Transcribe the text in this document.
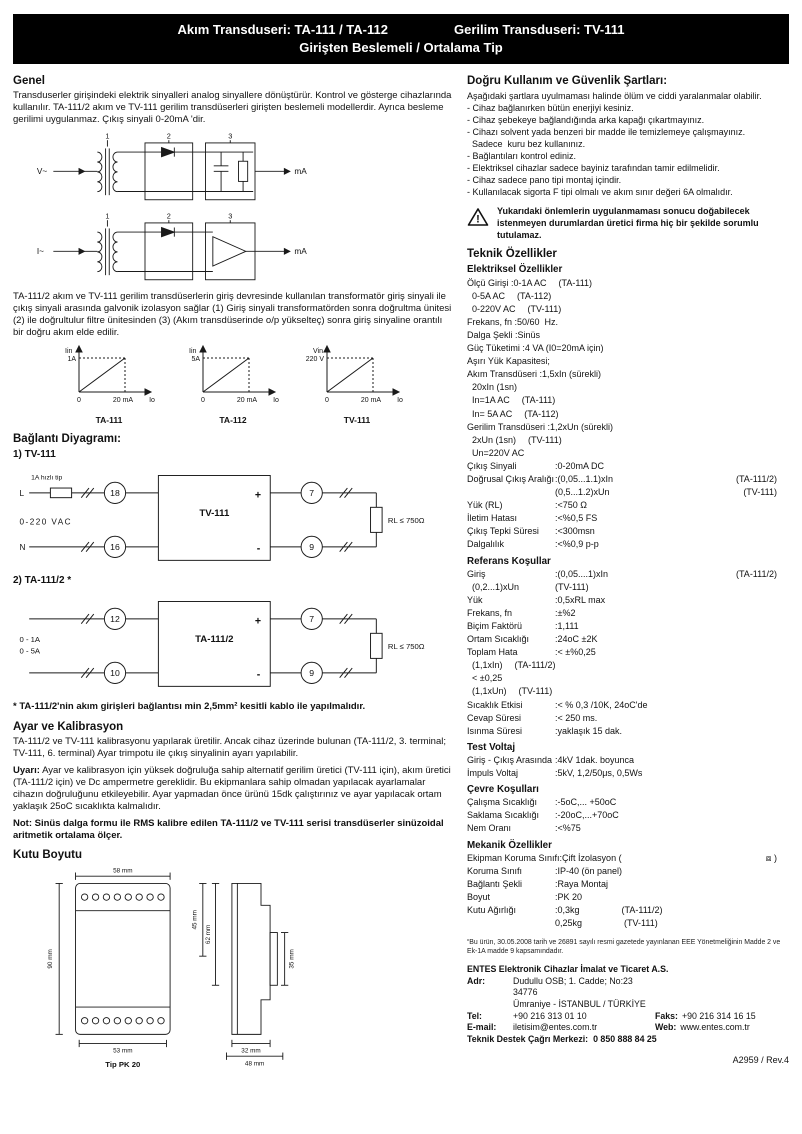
Akım Transduseri: TA-111 / TA-112	Gerilim Transduseri: TV-111
Girişten Beslemeli / Ortalama Tip
Genel

Transduserler girişindeki elektrik sinyalleri analog sinyallere dönüştürür. Kontrol ve gösterge cihazlarında kullanılır. TA-111/2 akım ve TV-111 gerilim transdüserleri girişten beslemeli modellerdir. Ayrıca besleme gerilimi uygulanmaz. Çıkış sinyali 0-20mA 'dir.

V~
1	2	3
mA
I~
1	2	3
mA

TA-111/2 akım ve TV-111 gerilim transdüserlerin giriş devresinde kullanılan transformatör giriş sinyali ile çıkış sinyali arasında galvonik izolasyon sağlar (1) Giriş sinyali transformatörden sonra doğrultma ünitesi (2) ile doğrultulur filtre ünitesinden (3) (Akım transdüserinde o/p yükselteç) sonra giriş sinyaline orantılı bir doğru akım elde edilir.

Iin
1A
0	20 mA Io
TA-111
Iin
5A
0	20 mA Io
TA-112
Vin
220 V
0	20 mA Io
TV-111
Bağlantı Diyagramı:
1) TV-111
L
1A hızlı tip
0-220 VAC
N
18
16
TV-111
+
-
7
9
RL ≤ 750Ω
2) TA-111/2 *
0 - 1A
0 - 5A
12
10
TA-111/2
+
-
7
9
RL ≤ 750Ω

* TA-111/2'nin akım girişleri bağlantısı min 2,5mm² kesitli kablo ile yapılmalıdır.

Ayar ve Kalibrasyon

TA-111/2 ve TV-111 kalibrasyonu yapılarak üretilir. Ancak cihaz üzerinde bulunan (TA-111/2, 3. terminal; TV-111, 6. terminal) Ayar trimpotu ile çıkış sinyalinin ayarı yapılabilir.

Uyarı: Ayar ve kalibrasyon için yüksek doğruluğa sahip alternatif gerilim üretici (TV-111 için), akım üretici (TA-111/2 için) ve Dc ampermetre gereklidir. Bu ekipmanlara sahip olmadan yapılacak ayarlamalar cihazın doğruluğunu etkileyebilir. Ayar yapmadan önce ürünü 15dk çalıştırınız ve ayar yapılacak ortam yaklaşık 25oC sıcaklıkta kalmalıdır.

Not: Sinüs dalga formu ile RMS kalibre edilen TA-111/2 ve TV-111 serisi transdüserler sinüzoidal aritmetik ortalama ölçer.

Kutu Boyutu
58 mm
90 mm
53 mm
45 mm
62 mm
35 mm
32 mm
48 mm
Tip PK 20
Doğru Kullanım ve Güvenlik Şartları:
Aşağıdaki şartlara uyulmaması halinde ölüm ve ciddi yaralanmalar olabilir.
- Cihaz bağlanırken bütün enerjiyi kesiniz.
- Cihaz şebekeye bağlandığında arka kapağı çıkartmayınız.
- Cihazı solvent yada benzeri bir madde ile temizlemeye çalışmayınız.
Sadece  kuru bez kullanınız.
- Bağlantıları kontrol ediniz.
- Elektriksel cihazlar sadece bayiniz tarafından tamir edilmelidir.
- Cihaz sadece pano tipi montaj içindir.
- Kullanılacak sigorta F tipi olmalı ve akım sınır değeri 6A olmalıdır.
!
Yukarıdaki önlemlerin uygulanmaması sonucu doğabilecek istenmeyen durumlardan üretici firma hiç bir şekilde sorumlu tutulamaz.
Teknik Özellikler
Elektriksel Özellikler
Ölçü Girişi :0-1A AC (TA-111)
0-5A AC (TA-112)
0-220V AC (TV-111)
Frekans, fn :50/60  Hz.
Dalga Şekli :Sinüs
Güç Tüketimi :4 VA (I0=20mA için)
Aşırı Yük Kapasitesi;
Akım Transdüseri :1,5xIn (sürekli)
20xIn (1sn)
In=1A AC (TA-111)
In= 5A AC (TA-112)
Gerilim Transdüseri :1,2xUn (sürekli)
2xUn (1sn) (TV-111)
Un=220V AC
Çıkış Sinyali	:0-20mA DC
Doğrusal Çıkış Aralığı :(0,05...1.1)xIn	(TA-111/2)
(0,5...1.2)xUn	(TV-111)
Yük (RL)	:<750 Ω
İletim Hatası	:<%0,5 FS
Çıkış Tepki Süresi	:<300msn
Dalgalılık	:<%0,9 p-p
Referans Koşullar
Giriş	:(0,05....1)xIn	(TA-111/2)
(0,2...1)xUn	(TV-111)
Yük	:0,5xRL max
Frekans, fn	:±%2
Biçim Faktörü	:1,111
Ortam Sıcaklığı	:24oC ±2K
Toplam Hata	:< ±%0,25
(1,1xIn) (TA-111/2)
< ±0,25
(1,1xUn) (TV-111)
Sıcaklık Etkisi	:< % 0,3 /10K, 24oC'de
Cevap Süresi	:< 250 ms.
Isınma Süresi	:yaklaşık 15 dak.
Test Voltaj
Giriş - Çıkış Arasında :4kV 1dak. boyunca
İmpuls Voltaj	:5kV, 1,2/50μs, 0,5Ws
Çevre Koşulları
Çalışma Sıcaklığı	:-5oC,... +50oC
Saklama Sıcaklığı	:-20oC,...+70oC
Nem Oranı	:<%75
Mekanik Özellikler
Ekipman Koruma Sınıfı :Çift İzolasyon (	⧈ )
Koruma Sınıfı	:IP-40 (ön panel)
Bağlantı Şekli	:Raya Montaj
Boyut	:PK 20
Kutu Ağırlığı	:0,3kg	(TA-111/2)
0,25kg	(TV-111)

“Bu ürün, 30.05.2008 tarih ve 26891 sayılı resmi gazetede yayınlanan EEE Yönetmeliğinin Madde 2 ve Ek-1A madde 9 kapsamındadır.

ENTES Elektronik Cihazlar İmalat ve Ticaret A.S.
Adr:	Dudullu OSB; 1. Cadde; No:23 34776
Ümraniye - İSTANBUL / TÜRKİYE
Tel:	+90 216 313 01 10	Faks: +90 216 314 16 15
E-mail:	iletisim@entes.com.tr	Web: www.entes.com.tr
Teknik Destek Çağrı Merkezi: 0 850 888 84 25
A2959 / Rev.4
